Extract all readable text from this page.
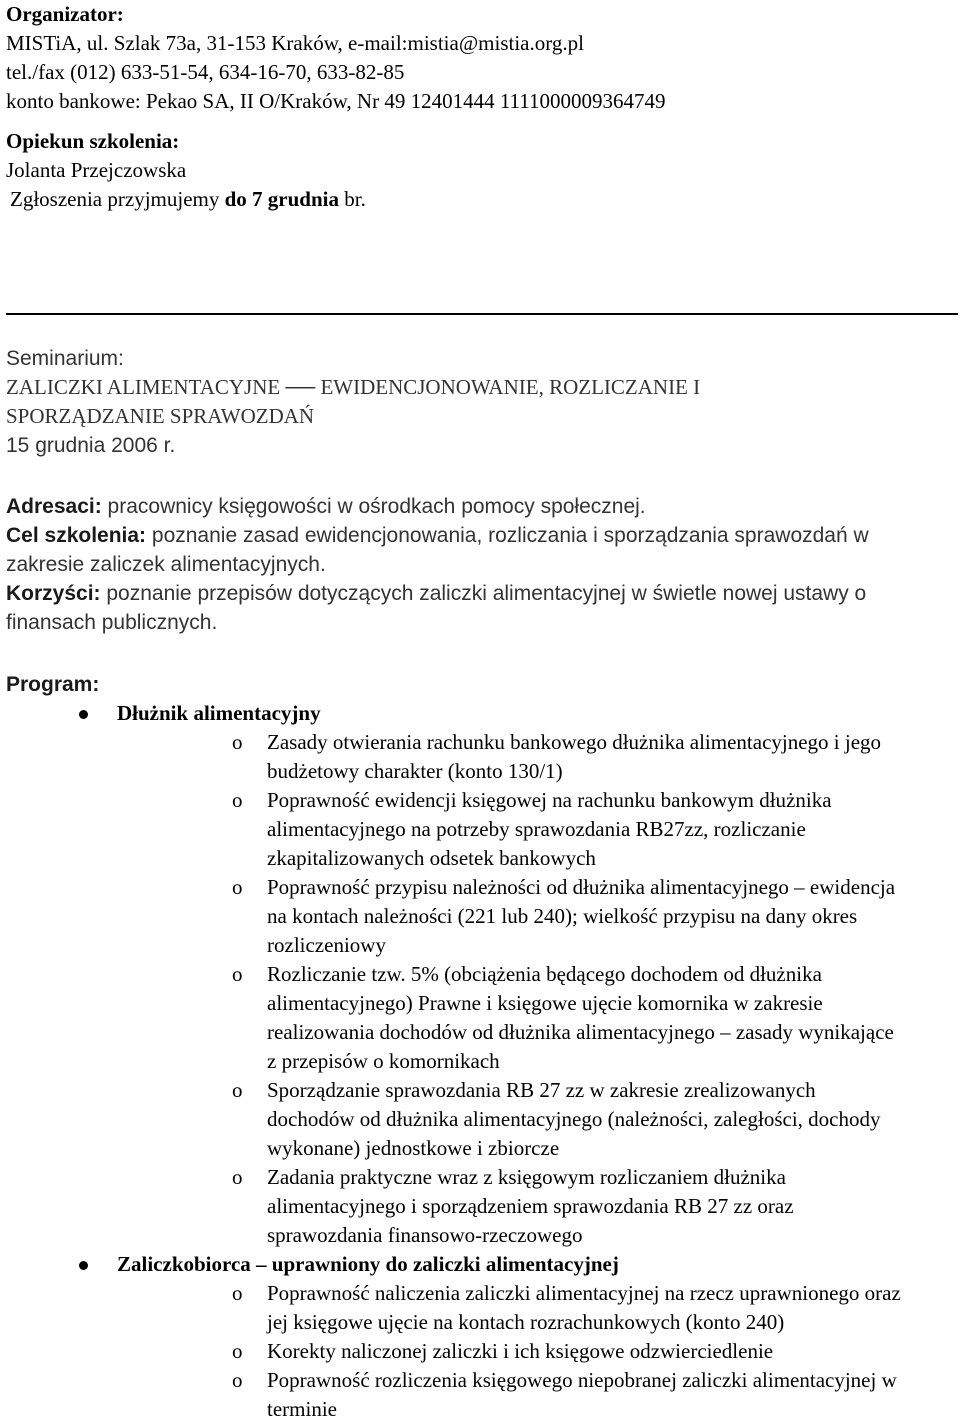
Organizator:
MISTiA, ul. Szlak 73a, 31-153 Kraków, e-mail:mistia@mistia.org.pl
tel./fax (012) 633-51-54, 634-16-70, 633-82-85
konto bankowe: Pekao SA, II O/Kraków, Nr 49 12401444 1111000009364749
Opiekun szkolenia:
Jolanta Przejczowska
Zgłoszenia przyjmujemy do 7 grudnia br.
Seminarium:
ZALICZKI ALIMENTACYJNE ── EWIDENCJONOWANIE, ROZLICZANIE I
SPORZĄDZANIE SPRAWOZDAŃ
15 grudnia 2006 r.
Adresaci: pracownicy księgowości w ośrodkach pomocy społecznej.
Cel szkolenia: poznanie zasad ewidencjonowania, rozliczania i sporządzania sprawozdań w
zakresie zaliczek alimentacyjnych.
Korzyści: poznanie przepisów dotyczących zaliczki alimentacyjnej w świetle nowej ustawy o
finansach publicznych.
Program:
Dłużnik alimentacyjny
o Zasady otwierania rachunku bankowego dłużnika alimentacyjnego i jego
budżetowy charakter (konto 130/1)
o Poprawność ewidencji księgowej na rachunku bankowym dłużnika
alimentacyjnego na potrzeby sprawozdania RB27zz, rozliczanie
zkapitalizowanych odsetek bankowych
o Poprawność przypisu należności od dłużnika alimentacyjnego – ewidencja
na kontach należności (221 lub 240); wielkość przypisu na dany okres
rozliczeniowy
o Rozliczanie tzw. 5% (obciążenia będącego dochodem od dłużnika
alimentacyjnego) Prawne i księgowe ujęcie komornika w zakresie
realizowania dochodów od dłużnika alimentacyjnego – zasady wynikające
z przepisów o komornikach
o Sporządzanie sprawozdania RB 27 zz w zakresie zrealizowanych
dochodów od dłużnika alimentacyjnego (należności, zaległości, dochody
wykonane) jednostkowe i zbiorcze
o Zadania praktyczne wraz z księgowym rozliczaniem dłużnika
alimentacyjnego i sporządzeniem sprawozdania RB 27 zz oraz
sprawozdania finansowo-rzeczowego
Zaliczkobiorca – uprawniony do zaliczki alimentacyjnej
o Poprawność naliczenia zaliczki alimentacyjnej na rzecz uprawnionego oraz
jej księgowe ujęcie na kontach rozrachunkowych (konto 240)
o Korekty naliczonej zaliczki i ich księgowe odzwierciedlenie
o Poprawność rozliczenia księgowego niepobranej zaliczki alimentacyjnej w
terminie
